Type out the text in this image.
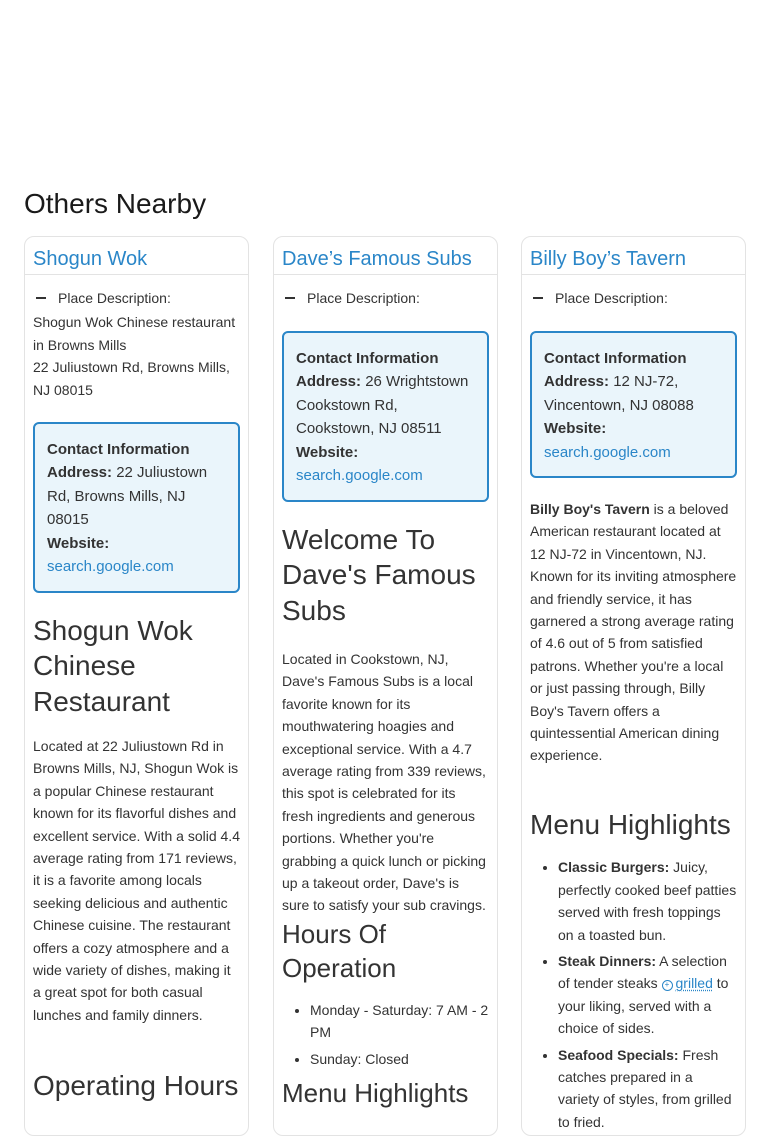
Others Nearby
Shogun Wok
Place Description:
Shogun Wok Chinese restaurant in Browns Mills
22 Juliustown Rd, Browns Mills, NJ 08015
Contact Information
Address: 22 Juliustown Rd, Browns Mills, NJ 08015
Website:
search.google.com
Shogun Wok Chinese Restaurant

Located at 22 Juliustown Rd in Browns Mills, NJ, Shogun Wok is a popular Chinese restaurant known for its flavorful dishes and excellent service. With a solid 4.4 average rating from 171 reviews, it is a favorite among locals seeking delicious and authentic Chinese cuisine. The restaurant offers a cozy atmosphere and a wide variety of dishes, making it a great spot for both casual lunches and family dinners.

Operating Hours
Dave’s Famous Subs
Place Description:
Contact Information
Address: 26 Wrightstown Cookstown Rd, Cookstown, NJ 08511
Website:
search.google.com
Welcome To Dave's Famous Subs

Located in Cookstown, NJ, Dave's Famous Subs is a local favorite known for its mouthwatering hoagies and exceptional service. With a 4.7 average rating from 339 reviews, this spot is celebrated for its fresh ingredients and generous portions. Whether you're grabbing a quick lunch or picking up a takeout order, Dave's is sure to satisfy your sub cravings.

Hours Of Operation
• Monday - Saturday: 7 AM - 2 PM
• Sunday: Closed
Menu Highlights
Billy Boy’s Tavern
Place Description:
Contact Information
Address: 12 NJ-72, Vincentown, NJ 08088
Website:
search.google.com

Billy Boy's Tavern is a beloved American restaurant located at 12 NJ-72 in Vincentown, NJ. Known for its inviting atmosphere and friendly service, it has garnered a strong average rating of 4.6 out of 5 from satisfied patrons. Whether you're a local or just passing through, Billy Boy's Tavern offers a quintessential American dining experience.

Menu Highlights
• Classic Burgers: Juicy, perfectly cooked beef patties served with fresh toppings on a toasted bun.
• Steak Dinners: A selection of tender steaks + grilled to your liking, served with a choice of sides.
• Seafood Specials: Fresh catches prepared in a variety of styles, from grilled to fried.
